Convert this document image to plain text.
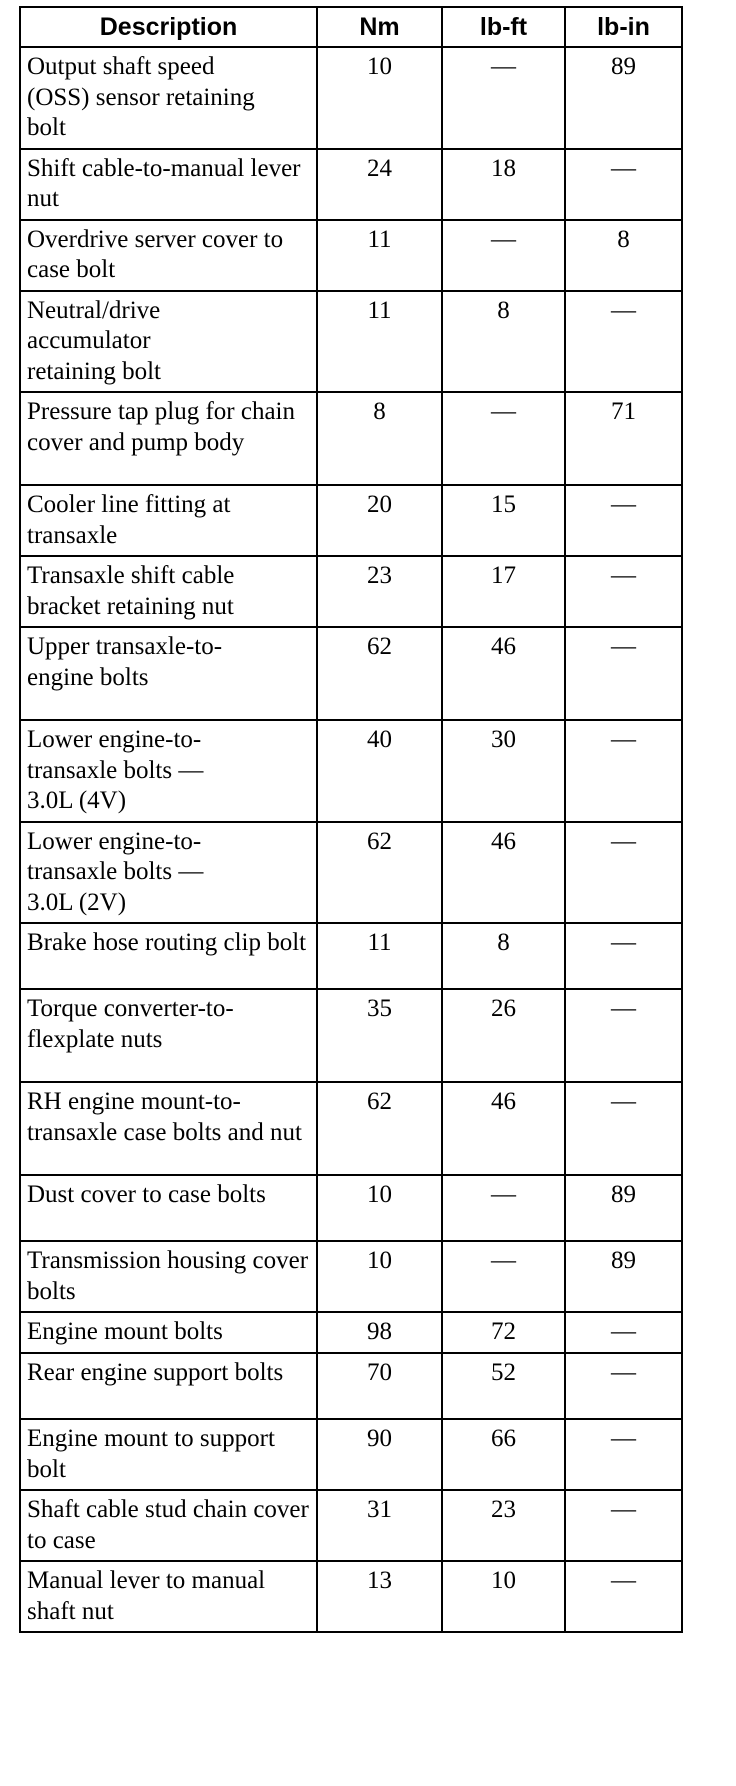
Description	Nm	lb-ft	lb-in
Output shaft speed (OSS) sensor retaining bolt	10	—	89
Shift cable-to-manual lever nut	24	18	—
Overdrive server cover to case bolt	11	—	8
Neutral/drive accumulator retaining bolt	11	8	—
Pressure tap plug for chain cover and pump body	8	—	71
Cooler line fitting at transaxle	20	15	—
Transaxle shift cable bracket retaining nut	23	17	—
Upper transaxle-to-engine bolts	62	46	—
Lower engine-to-transaxle bolts — 3.0L (4V)	40	30	—
Lower engine-to-transaxle bolts — 3.0L (2V)	62	46	—
Brake hose routing clip bolt	11	8	—
Torque converter-to-flexplate nuts	35	26	—
RH engine mount-to-transaxle case bolts and nut	62	46	—
Dust cover to case bolts	10	—	89
Transmission housing cover bolts	10	—	89
Engine mount bolts	98	72	—
Rear engine support bolts	70	52	—
Engine mount to support bolt	90	66	—
Shaft cable stud chain cover to case	31	23	—
Manual lever to manual shaft nut	13	10	—
